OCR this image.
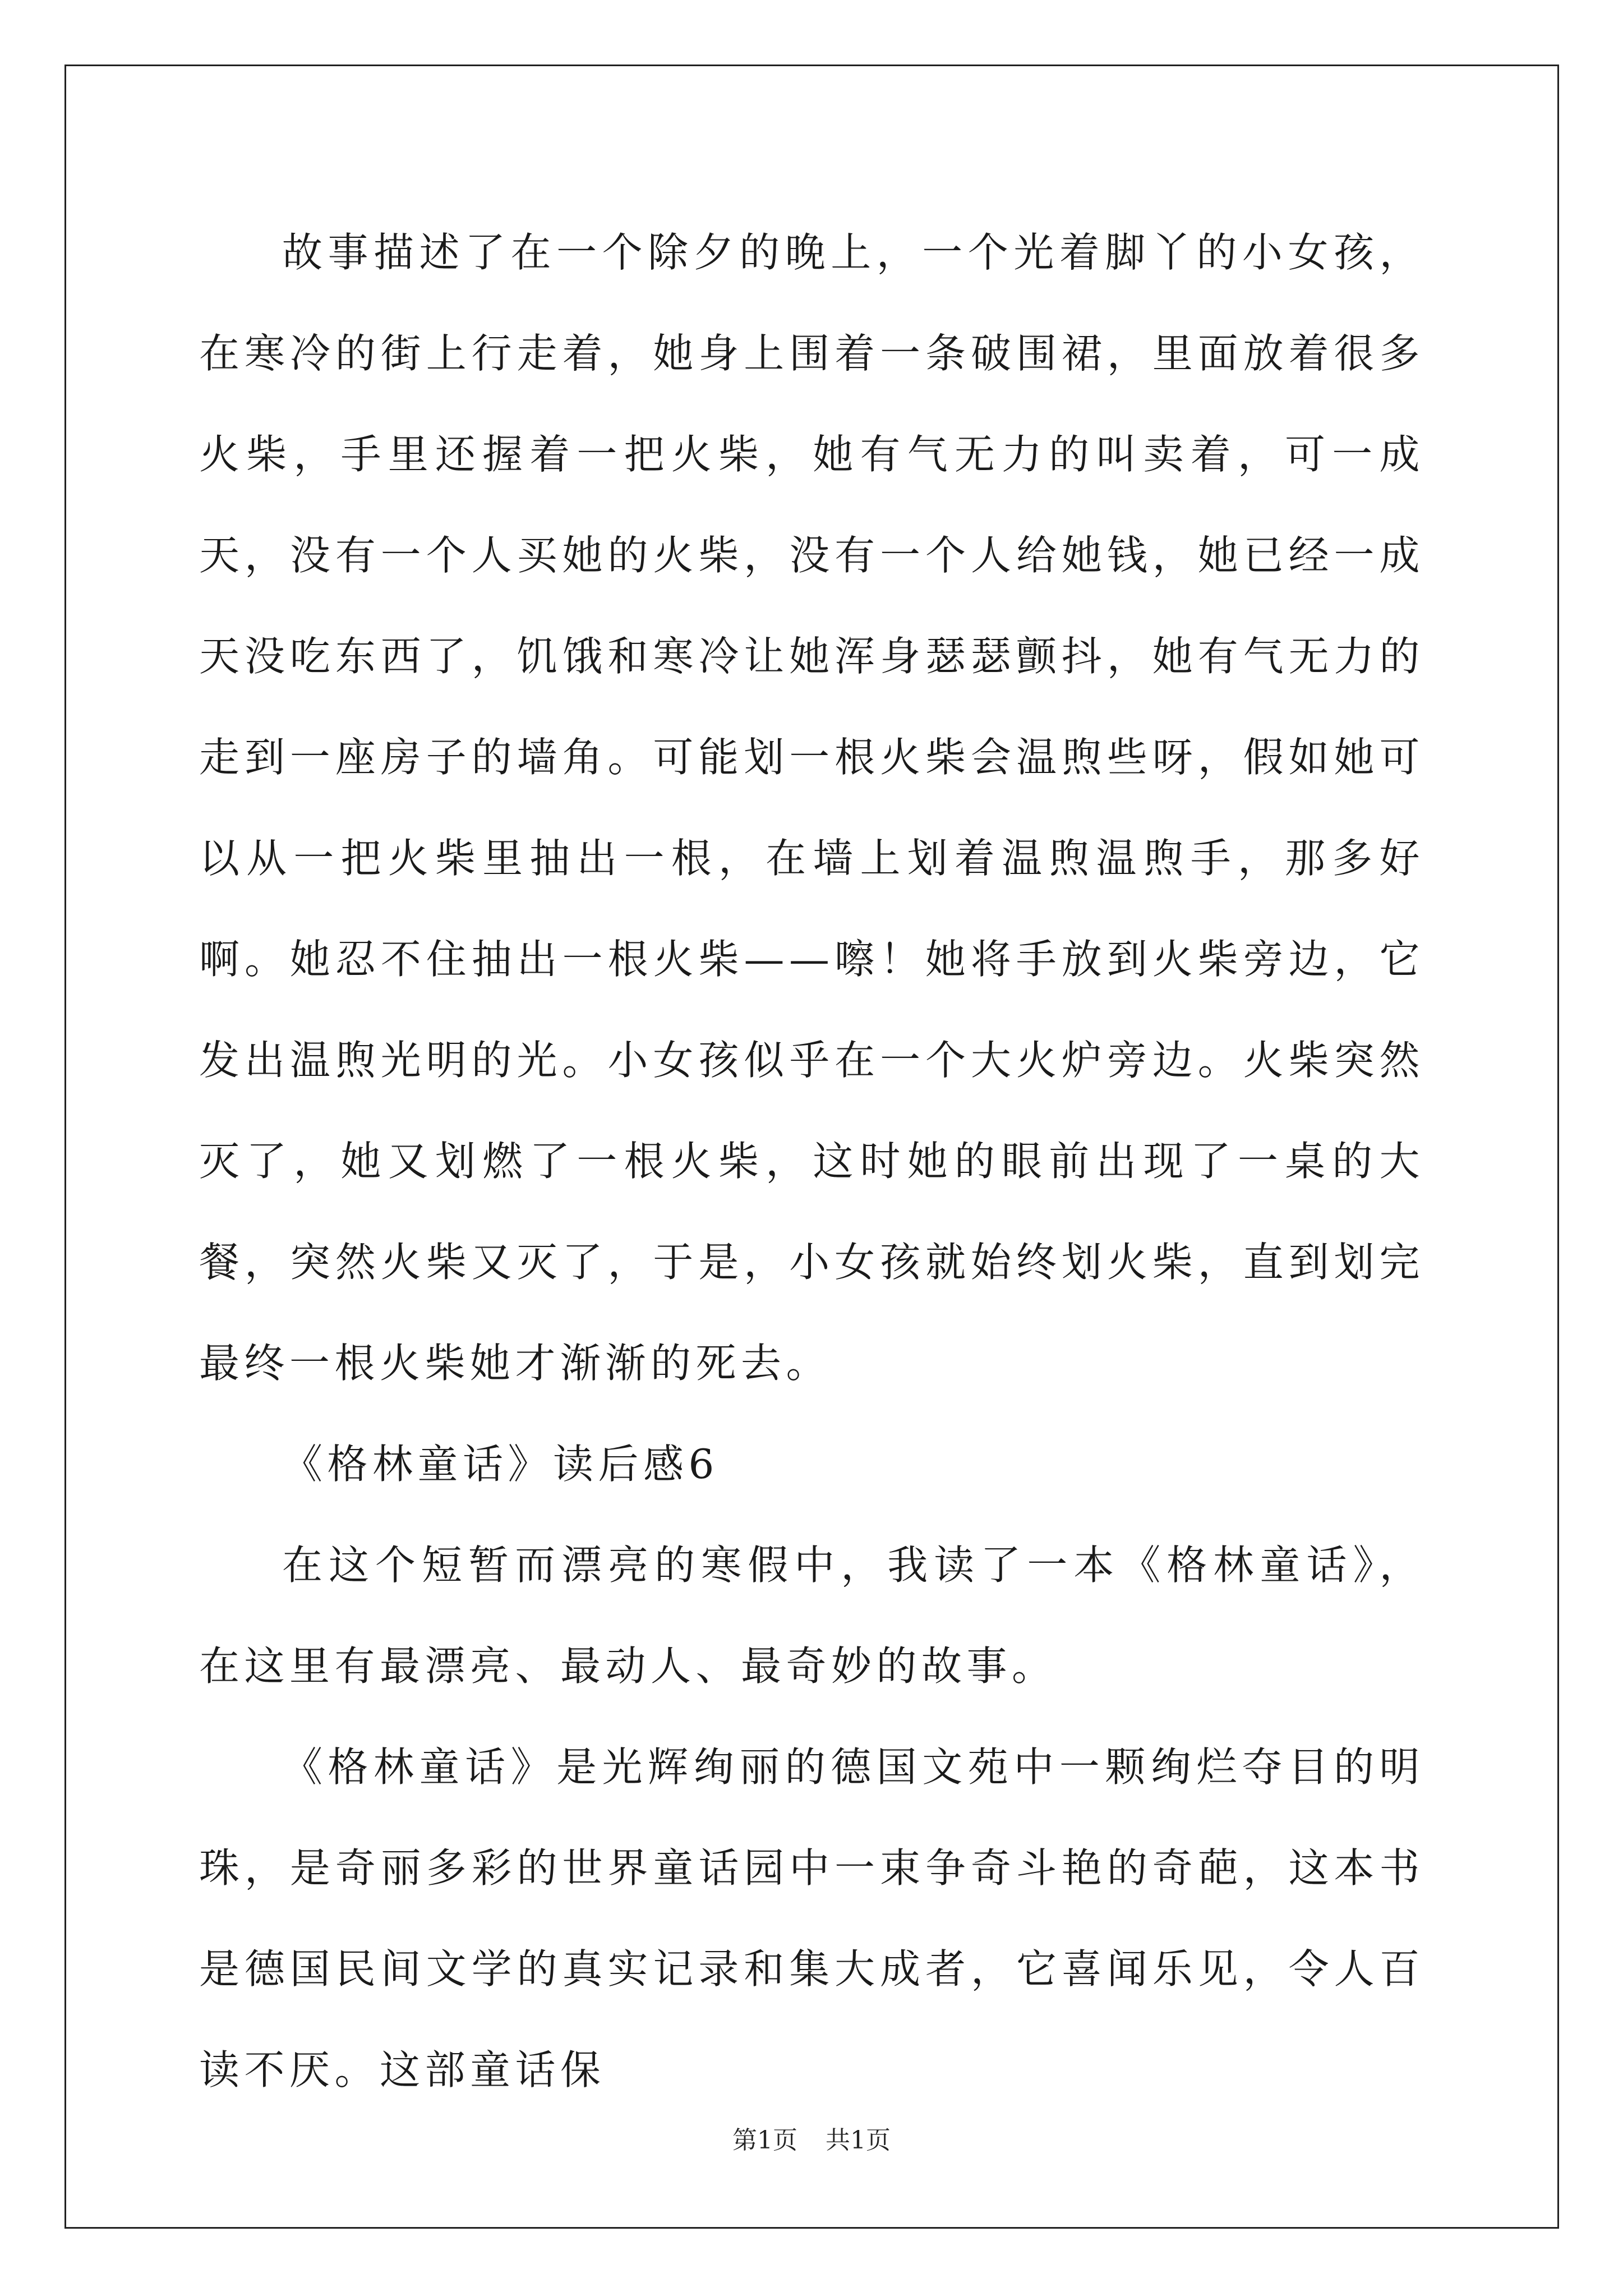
故事描述了在一个除夕的晚上，一个光着脚丫的小女孩，在寒冷的街上行走着，她身上围着一条破围裙，里面放着很多火柴，手里还握着一把火柴，她有气无力的叫卖着，可一成天，没有一个人买她的火柴，没有一个人给她钱，她已经一成天没吃东西了，饥饿和寒冷让她浑身瑟瑟颤抖，她有气无力的走到一座房子的墙角。可能划一根火柴会温煦些呀，假如她可以从一把火柴里抽出一根，在墙上划着温煦温煦手，那多好啊。她忍不住抽出一根火柴——嚓！她将手放到火柴旁边，它发出温煦光明的光。小女孩似乎在一个大火炉旁边。火柴突然灭了，她又划燃了一根火柴，这时她的眼前出现了一桌的大餐，突然火柴又灭了，于是，小女孩就始终划火柴，直到划完最终一根火柴她才渐渐的死去。

《格林童话》读后感6

在这个短暂而漂亮的寒假中，我读了一本《格林童话》，在这里有最漂亮、最动人、最奇妙的故事。

《格林童话》是光辉绚丽的德国文苑中一颗绚烂夺目的明珠，是奇丽多彩的世界童话园中一束争奇斗艳的奇葩，这本书是德国民间文学的真实记录和集大成者，它喜闻乐见，令人百读不厌。这部童话保

第1页 共1页
